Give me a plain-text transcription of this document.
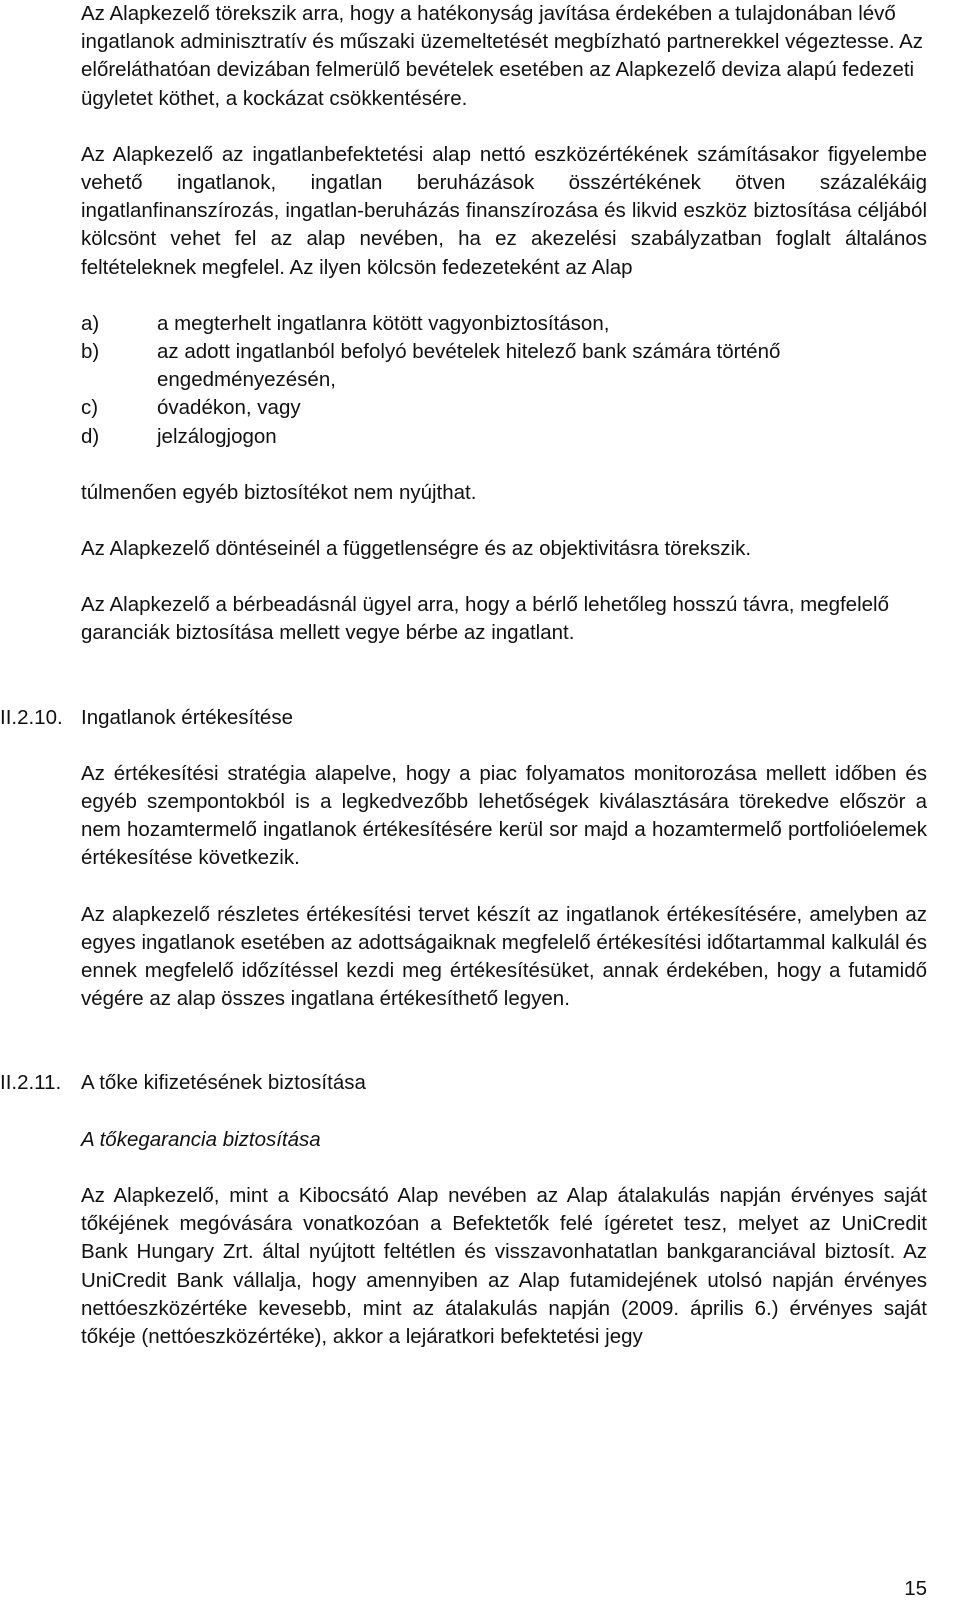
Az Alapkezelő törekszik arra, hogy a hatékonyság javítása érdekében a tulajdonában lévő ingatlanok adminisztratív és műszaki üzemeltetését megbízható partnerekkel végeztesse. Az előreláthatóan devizában felmerülő bevételek esetében az Alapkezelő deviza alapú fedezeti ügyletet köthet, a kockázat csökkentésére.

Az Alapkezelő az ingatlanbefektetési alap nettó eszközértékének számításakor figyelembe vehető ingatlanok, ingatlan beruházások összértékének ötven százalékáig ingatlanfinanszírozás, ingatlan-beruházás finanszírozása és likvid eszköz biztosítása céljából kölcsönt vehet fel az alap nevében, ha ez akezelési szabályzatban foglalt általános feltételeknek megfelel. Az ilyen kölcsön fedezeteként az Alap

a)	a megterhelt ingatlanra kötött vagyonbiztosításon,
b)	az adott ingatlanból befolyó bevételek hitelező bank számára történő engedményezésén,
c)	óvadékon, vagy
d)	jelzálogjogon

túlmenően egyéb biztosítékot nem nyújthat.

Az Alapkezelő döntéseinél a függetlenségre és az objektivitásra törekszik.

Az Alapkezelő a bérbeadásnál ügyel arra, hogy a bérlő lehetőleg hosszú távra, megfelelő garanciák biztosítása mellett vegye bérbe az ingatlant.

II.2.10. Ingatlanok értékesítése

Az értékesítési stratégia alapelve, hogy a piac folyamatos monitorozása mellett időben és egyéb szempontokból is a legkedvezőbb lehetőségek kiválasztására törekedve először a nem hozamtermelő ingatlanok értékesítésére kerül sor majd a hozamtermelő portfolióelemek értékesítése következik.

Az alapkezelő részletes értékesítési tervet készít az ingatlanok értékesítésére, amelyben az egyes ingatlanok esetében az adottságaiknak megfelelő értékesítési időtartammal kalkulál és ennek megfelelő időzítéssel kezdi meg értékesítésüket, annak érdekében, hogy a futamidő végére az alap összes ingatlana értékesíthető legyen.

II.2.11. A tőke kifizetésének biztosítása

A tőkegarancia biztosítása

Az Alapkezelő, mint a Kibocsátó Alap nevében az Alap átalakulás napján érvényes saját tőkéjének megóvására vonatkozóan a Befektetők felé ígéretet tesz, melyet az UniCredit Bank Hungary Zrt. által nyújtott feltétlen és visszavonhatatlan bankgaranciával biztosít. Az UniCredit Bank vállalja, hogy amennyiben az Alap futamidejének utolsó napján érvényes nettóeszközértéke kevesebb, mint az átalakulás napján (2009. április 6.) érvényes saját tőkéje (nettóeszközértéke), akkor a lejáratkori befektetési jegy

15
